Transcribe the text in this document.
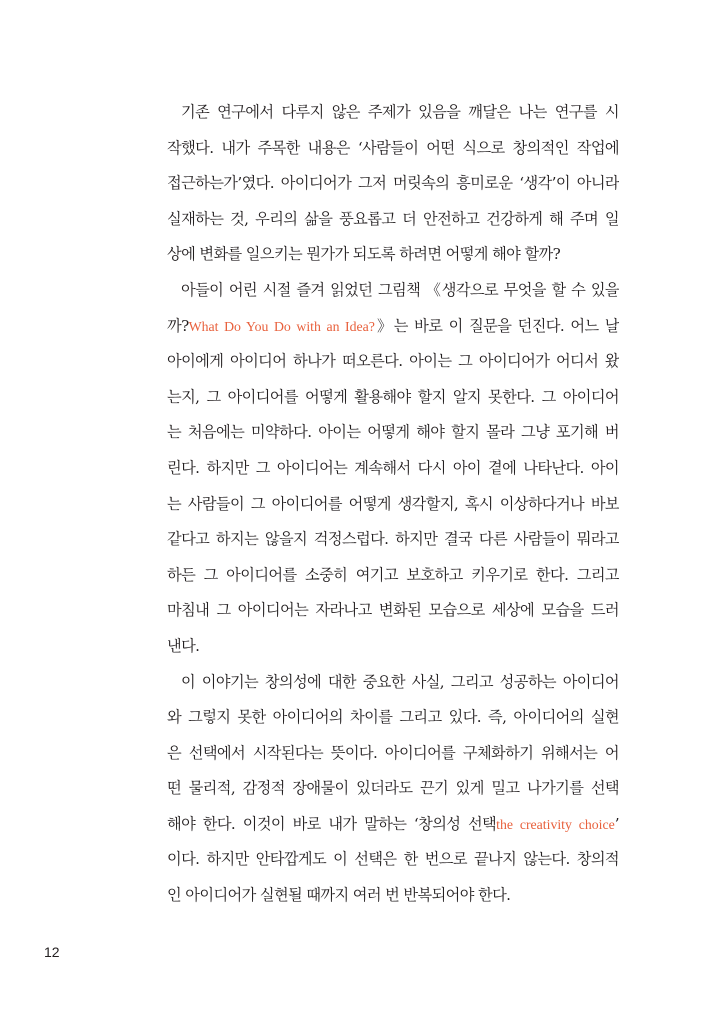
기존 연구에서 다루지 않은 주제가 있음을 깨달은 나는 연구를 시
작했다. 내가 주목한 내용은 ‘사람들이 어떤 식으로 창의적인 작업에
접근하는가’였다. 아이디어가 그저 머릿속의 흥미로운 ‘생각’이 아니라
실재하는 것, 우리의 삶을 풍요롭고 더 안전하고 건강하게 해 주며 일
상에 변화를 일으키는 뭔가가 되도록 하려면 어떻게 해야 할까?
아들이 어린 시절 즐겨 읽었던 그림책 《생각으로 무엇을 할 수 있을
까?What Do You Do with an Idea?》는 바로 이 질문을 던진다. 어느 날
아이에게 아이디어 하나가 떠오른다. 아이는 그 아이디어가 어디서 왔
는지, 그 아이디어를 어떻게 활용해야 할지 알지 못한다. 그 아이디어
는 처음에는 미약하다. 아이는 어떻게 해야 할지 몰라 그냥 포기해 버
린다. 하지만 그 아이디어는 계속해서 다시 아이 곁에 나타난다. 아이
는 사람들이 그 아이디어를 어떻게 생각할지, 혹시 이상하다거나 바보
같다고 하지는 않을지 걱정스럽다. 하지만 결국 다른 사람들이 뭐라고
하든 그 아이디어를 소중히 여기고 보호하고 키우기로 한다. 그리고
마침내 그 아이디어는 자라나고 변화된 모습으로 세상에 모습을 드러
낸다.
이 이야기는 창의성에 대한 중요한 사실, 그리고 성공하는 아이디어
와 그렇지 못한 아이디어의 차이를 그리고 있다. 즉, 아이디어의 실현
은 선택에서 시작된다는 뜻이다. 아이디어를 구체화하기 위해서는 어
떤 물리적, 감정적 장애물이 있더라도 끈기 있게 밀고 나가기를 선택
해야 한다. 이것이 바로 내가 말하는 ‘창의성 선택the creativity choice’
이다. 하지만 안타깝게도 이 선택은 한 번으로 끝나지 않는다. 창의적
인 아이디어가 실현될 때까지 여러 번 반복되어야 한다.
12
